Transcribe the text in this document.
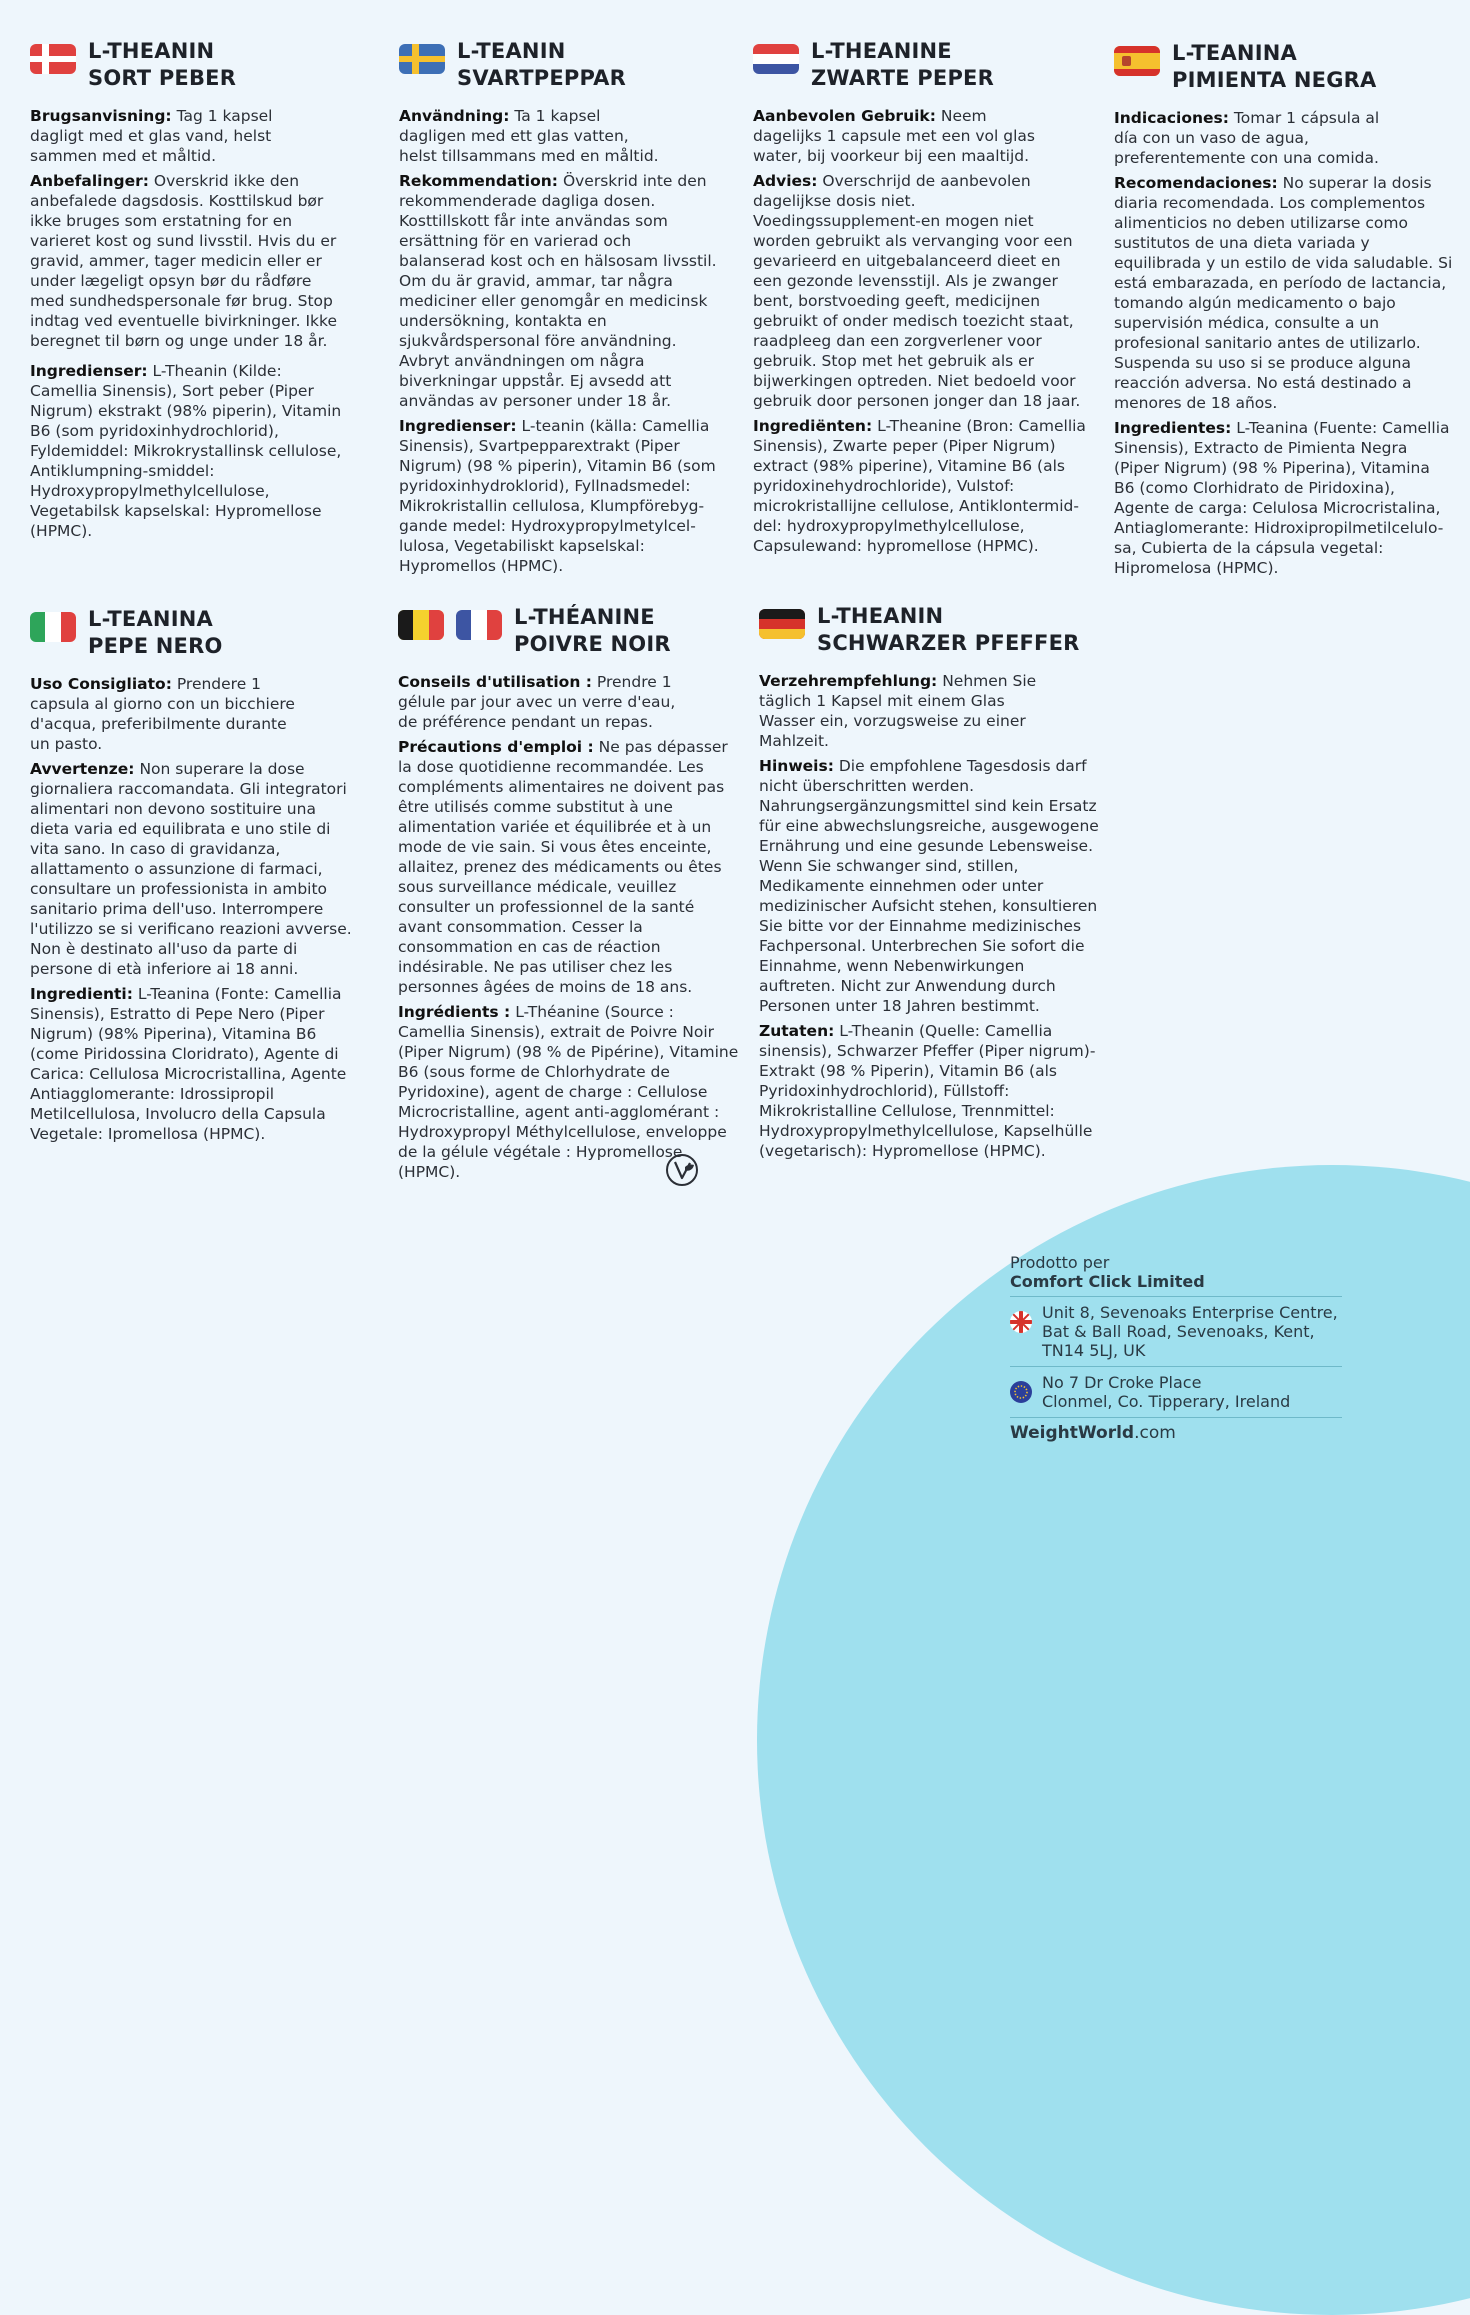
L-THEANIN
SORT PEBER

Brugsanvisning: Tag 1 kapsel dagligt med et glas vand, helst sammen med et måltid.

Anbefalinger: Overskrid ikke den anbefalede dagsdosis. Kosttilskud bør ikke bruges som erstatning for en varieret kost og sund livsstil. Hvis du er gravid, ammer, tager medicin eller er under lægeligt opsyn bør du rådføre med sundhedspersonale før brug. Stop indtag ved eventuelle bivirkninger. Ikke beregnet til børn og unge under 18 år.

Ingredienser: L-Theanin (Kilde: Camellia Sinensis), Sort peber (Piper Nigrum) ekstrakt (98% piperin), Vitamin B6 (som pyridoxinhydrochlorid), Fyldemiddel: Mikrokrystallinsk cellulose, Antiklumpning-smiddel: Hydroxypropylmethylcellulose, Vegetabilsk kapselskal: Hypromellose (HPMC).

L-TEANIN
SVARTPEPPAR

Användning: Ta 1 kapsel dagligen med ett glas vatten, helst tillsammans med en måltid.

Rekommendation: Överskrid inte den rekommenderade dagliga dosen. Kosttillskott får inte användas som ersättning för en varierad och balanserad kost och en hälsosam livsstil. Om du är gravid, ammar, tar några mediciner eller genomgår en medicinsk undersökning, kontakta en sjukvårdspersonal före användning. Avbryt användningen om några biverkningar uppstår. Ej avsedd att användas av personer under 18 år.

Ingredienser: L-teanin (källa: Camellia Sinensis), Svartpepparextrakt (Piper Nigrum) (98 % piperin), Vitamin B6 (som pyridoxinhydroklorid), Fyllnadsmedel: Mikrokristallin cellulosa, Klumpförebyg-gande medel: Hydroxypropylmetylcel-lulosa, Vegetabiliskt kapselskal: Hypromellos (HPMC).

L-THEANINE
ZWARTE PEPER

Aanbevolen Gebruik: Neem dagelijks 1 capsule met een vol glas water, bij voorkeur bij een maaltijd.

Advies: Overschrijd de aanbevolen dagelijkse dosis niet. Voedingssupplement-en mogen niet worden gebruikt als vervanging voor een gevarieerd en uitgebalanceerd dieet en een gezonde levensstijl. Als je zwanger bent, borstvoeding geeft, medicijnen gebruikt of onder medisch toezicht staat, raadpleeg dan een zorgverlener voor gebruik. Stop met het gebruik als er bijwerkingen optreden. Niet bedoeld voor gebruik door personen jonger dan 18 jaar.

Ingrediënten: L-Theanine (Bron: Camellia Sinensis), Zwarte peper (Piper Nigrum) extract (98% piperine), Vitamine B6 (als pyridoxinehydrochloride), Vulstof: microkristallijne cellulose, Antiklontermid-del: hydroxypropylmethylcellulose, Capsulewand: hypromellose (HPMC).

L-TEANINA
PIMIENTA NEGRA

Indicaciones: Tomar 1 cápsula al día con un vaso de agua, preferentemente con una comida.

Recomendaciones: No superar la dosis diaria recomendada. Los complementos alimenticios no deben utilizarse como sustitutos de una dieta variada y equilibrada y un estilo de vida saludable. Si está embarazada, en período de lactancia, tomando algún medicamento o bajo supervisión médica, consulte a un profesional sanitario antes de utilizarlo. Suspenda su uso si se produce alguna reacción adversa. No está destinado a menores de 18 años.

Ingredientes: L-Teanina (Fuente: Camellia Sinensis), Extracto de Pimienta Negra (Piper Nigrum) (98 % Piperina), Vitamina B6 (como Clorhidrato de Piridoxina), Agente de carga: Celulosa Microcristalina, Antiaglomerante: Hidroxipropilmetilcelulo-sa, Cubierta de la cápsula vegetal: Hipromelosa (HPMC).

L-TEANINA
PEPE NERO

Uso Consigliato: Prendere 1 capsula al giorno con un bicchiere d'acqua, preferibilmente durante un pasto.

Avvertenze: Non superare la dose giornaliera raccomandata. Gli integratori alimentari non devono sostituire una dieta varia ed equilibrata e uno stile di vita sano. In caso di gravidanza, allattamento o assunzione di farmaci, consultare un professionista in ambito sanitario prima dell'uso. Interrompere l'utilizzo se si verificano reazioni avverse. Non è destinato all'uso da parte di persone di età inferiore ai 18 anni.

Ingredienti: L-Teanina (Fonte: Camellia Sinensis), Estratto di Pepe Nero (Piper Nigrum) (98% Piperina), Vitamina B6 (come Piridossina Cloridrato), Agente di Carica: Cellulosa Microcristallina, Agente Antiagglomerante: Idrossipropil Metilcellulosa, Involucro della Capsula Vegetale: Ipromellosa (HPMC).

L-THÉANINE
POIVRE NOIR

Conseils d'utilisation : Prendre 1 gélule par jour avec un verre d'eau, de préférence pendant un repas.

Précautions d'emploi : Ne pas dépasser la dose quotidienne recommandée. Les compléments alimentaires ne doivent pas être utilisés comme substitut à une alimentation variée et équilibrée et à un mode de vie sain. Si vous êtes enceinte, allaitez, prenez des médicaments ou êtes sous surveillance médicale, veuillez consulter un professionnel de la santé avant consommation. Cesser la consommation en cas de réaction indésirable. Ne pas utiliser chez les personnes âgées de moins de 18 ans.

Ingrédients : L-Théanine (Source : Camellia Sinensis), extrait de Poivre Noir (Piper Nigrum) (98 % de Pipérine), Vitamine B6 (sous forme de Chlorhydrate de Pyridoxine), agent de charge : Cellulose Microcristalline, agent anti-agglomérant : Hydroxypropyl Méthylcellulose, enveloppe de la gélule végétale : Hypromellose (HPMC).

L-THEANIN
SCHWARZER PFEFFER

Verzehrempfehlung: Nehmen Sie täglich 1 Kapsel mit einem Glas Wasser ein, vorzugsweise zu einer Mahlzeit.

Hinweis: Die empfohlene Tagesdosis darf nicht überschritten werden. Nahrungsergänzungsmittel sind kein Ersatz für eine abwechslungsreiche, ausgewogene Ernährung und eine gesunde Lebensweise. Wenn Sie schwanger sind, stillen, Medikamente einnehmen oder unter medizinischer Aufsicht stehen, konsultieren Sie bitte vor der Einnahme medizinisches Fachpersonal. Unterbrechen Sie sofort die Einnahme, wenn Nebenwirkungen auftreten. Nicht zur Anwendung durch Personen unter 18 Jahren bestimmt.

Zutaten: L-Theanin (Quelle: Camellia sinensis), Schwarzer Pfeffer (Piper nigrum)-Extrakt (98 % Piperin), Vitamin B6 (als Pyridoxinhydrochlorid), Füllstoff: Mikrokristalline Cellulose, Trennmittel: Hydroxypropylmethylcellulose, Kapselhülle (vegetarisch): Hypromellose (HPMC).

Prodotto per
Comfort Click Limited
Unit 8, Sevenoaks Enterprise Centre,
Bat & Ball Road, Sevenoaks, Kent,
TN14 5LJ, UK
No 7 Dr Croke Place
Clonmel, Co. Tipperary, Ireland
WeightWorld.com
